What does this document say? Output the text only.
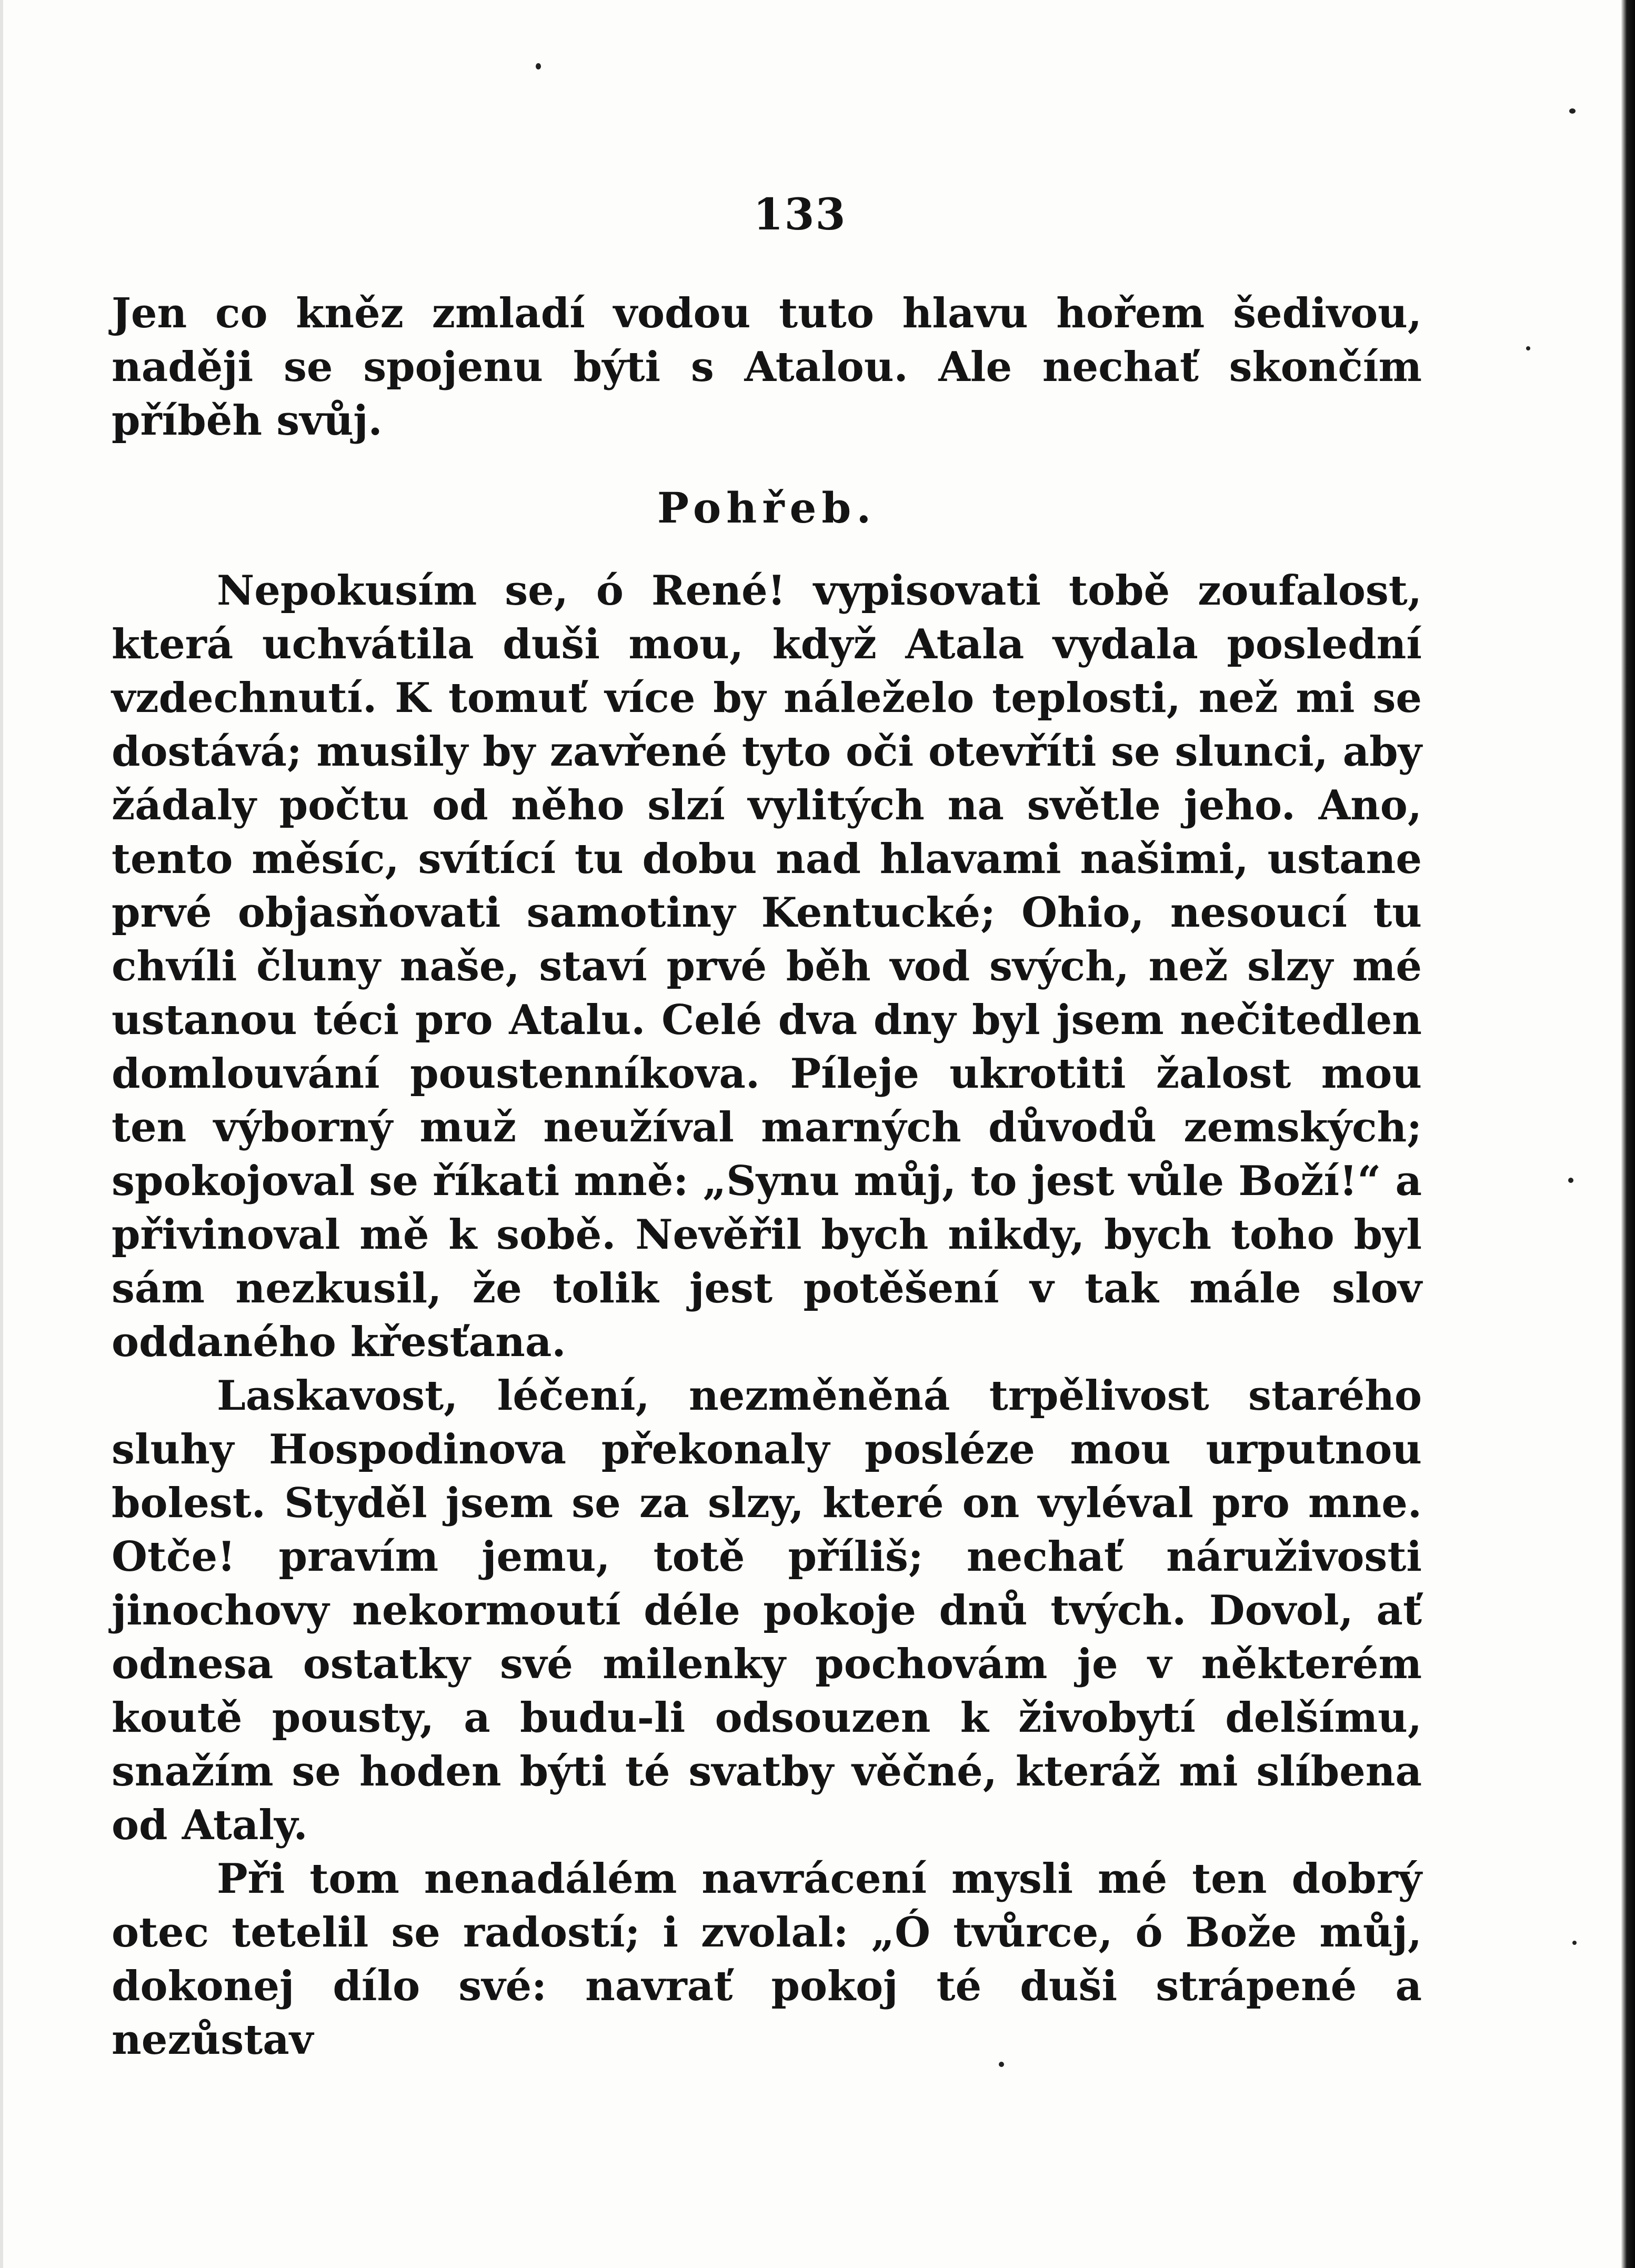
133

Jen co kněz zmladí vodou tuto hlavu hořem šedivou, naději se spojenu býti s Atalou. Ale nechať skončím příběh svůj.

Pohřeb.

Nepokusím se, ó René! vypisovati tobě zoufalost, která uchvátila duši mou, když Atala vydala poslední vzdechnutí. K tomuť více by náleželo teplosti, než mi se dostává; musily by zavřené tyto oči otevříti se slunci, aby žádaly počtu od něho slzí vylitých na světle jeho. Ano, tento měsíc, svítící tu dobu nad hlavami našimi, ustane prvé objasňovati samotiny Kentucké; Ohio, nesoucí tu chvíli čluny naše, staví prvé běh vod svých, než slzy mé ustanou téci pro Atalu. Celé dva dny byl jsem nečitedlen domlouvání poustenníkova. Píleje ukrotiti žalost mou ten výborný muž neužíval marných důvodů zemských; spokojoval se říkati mně: „Synu můj, to jest vůle Boží!“ a přivinoval mě k sobě. Nevěřil bych nikdy, bych toho byl sám nezkusil, že tolik jest potěšení v tak mále slov oddaného křesťana.

Laskavost, léčení, nezměněná trpělivost starého sluhy Hospodinova překonaly posléze mou urputnou bolest. Styděl jsem se za slzy, které on vyléval pro mne. Otče! pravím jemu, totě příliš; nechať náruživosti jinochovy nekormoutí déle pokoje dnů tvých. Dovol, ať odnesa ostatky své milenky pochovám je v některém koutě pousty, a budu-li odsouzen k živobytí delšímu, snažím se hoden býti té svatby věčné, kteráž mi slíbena od Ataly.

Při tom nenadálém navrácení mysli mé ten dobrý otec tetelil se radostí; i zvolal: „Ó tvůrce, ó Bože můj, dokonej dílo své: navrať pokoj té duši strápené a nezůstav
